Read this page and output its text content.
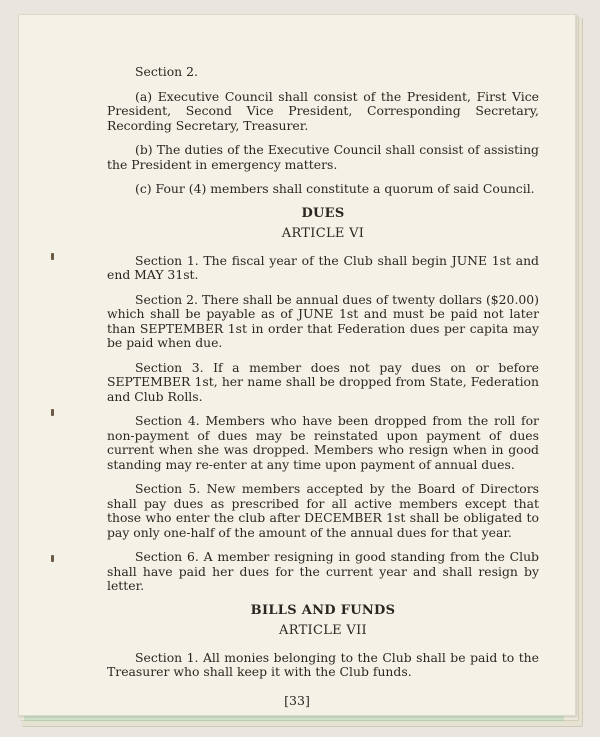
Section 2.

(a) Executive Council shall consist of the President, First Vice President, Second Vice President, Corresponding Secretary, Recording Secretary, Treasurer.

(b) The duties of the Executive Council shall consist of assisting the President in emergency matters.

(c) Four (4) members shall constitute a quorum of said Council.

DUES

ARTICLE VI

Section 1. The fiscal year of the Club shall begin JUNE 1st and end MAY 31st.

Section 2. There shall be annual dues of twenty dollars ($20.00) which shall be payable as of JUNE 1st and must be paid not later than SEPTEMBER 1st in order that Federation dues per capita may be paid when due.

Section 3. If a member does not pay dues on or before SEPTEMBER 1st, her name shall be dropped from State, Federation and Club Rolls.

Section 4. Members who have been dropped from the roll for non-payment of dues may be reinstated upon payment of dues current when she was dropped. Members who resign when in good standing may re-enter at any time upon payment of annual dues.

Section 5. New members accepted by the Board of Directors shall pay dues as prescribed for all active members except that those who enter the club after DECEMBER 1st shall be obligated to pay only one-half of the amount of the annual dues for that year.

Section 6. A member resigning in good standing from the Club shall have paid her dues for the current year and shall resign by letter.

BILLS AND FUNDS

ARTICLE VII

Section 1. All monies belonging to the Club shall be paid to the Treasurer who shall keep it with the Club funds.

[33]
